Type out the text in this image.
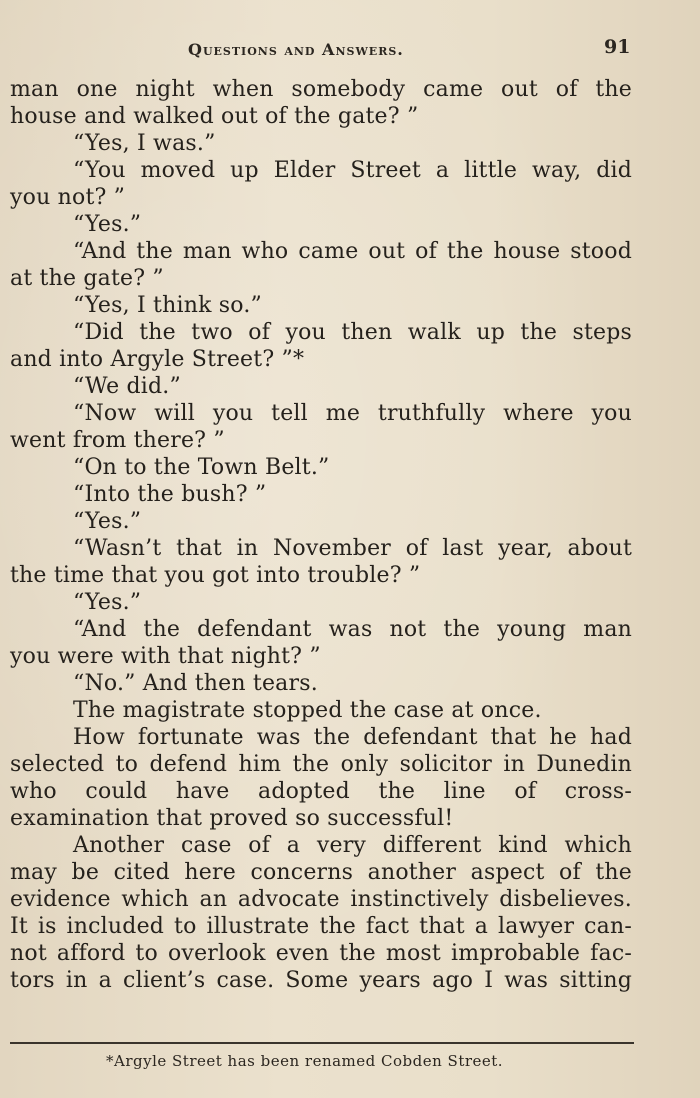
Questions and Answers.	91
man one night when somebody came out of the
house and walked out of the gate? ”
“Yes, I was.”
“You moved up Elder Street a little way, did
you not? ”
“Yes.”
“And the man who came out of the house stood
at the gate? ”
“Yes, I think so.”
“Did the two of you then walk up the steps
and into Argyle Street? ”*
“We did.”
“Now will you tell me truthfully where you
went from there? ”
“On to the Town Belt.”
“Into the bush? ”
“Yes.”
“Wasn’t that in November of last year, about
the time that you got into trouble? ”
“Yes.”
“And the defendant was not the young man
you were with that night? ”
“No.” And then tears.
The magistrate stopped the case at once.
How fortunate was the defendant that he had
selected to defend him the only solicitor in Dunedin
who could have adopted the line of cross-
examination that proved so successful!
Another case of a very different kind which
may be cited here concerns another aspect of the
evidence which an advocate instinctively disbelieves.
It is included to illustrate the fact that a lawyer can-
not afford to overlook even the most improbable fac-
tors in a client’s case. Some years ago I was sitting
*Argyle Street has been renamed Cobden Street.
